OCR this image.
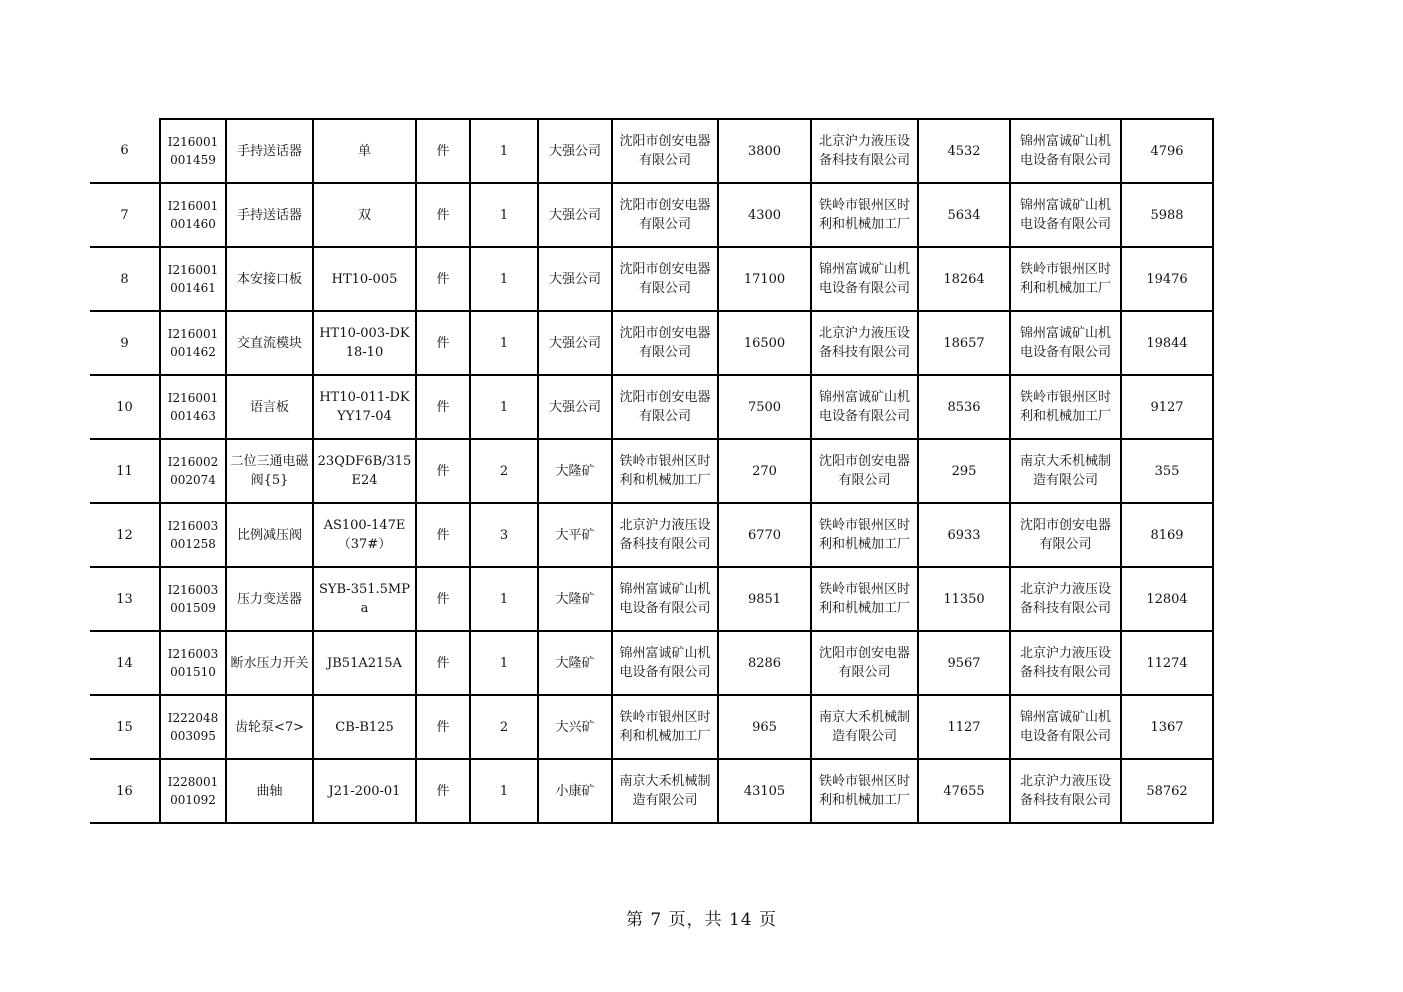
6	I216001001459	手持送话器	单	件	1	大强公司	沈阳市创安电器有限公司	3800	北京沪力液压设备科技有限公司	4532	锦州富诚矿山机电设备有限公司	4796
7	I216001001460	手持送话器	双	件	1	大强公司	沈阳市创安电器有限公司	4300	铁岭市银州区时利和机械加工厂	5634	锦州富诚矿山机电设备有限公司	5988
8	I216001001461	本安接口板	HT10-005	件	1	大强公司	沈阳市创安电器有限公司	17100	锦州富诚矿山机电设备有限公司	18264	铁岭市银州区时利和机械加工厂	19476
9	I216001001462	交直流模块	HT10-003-DK18-10	件	1	大强公司	沈阳市创安电器有限公司	16500	北京沪力液压设备科技有限公司	18657	锦州富诚矿山机电设备有限公司	19844
10	I216001001463	语言板	HT10-011-DKYY17-04	件	1	大强公司	沈阳市创安电器有限公司	7500	锦州富诚矿山机电设备有限公司	8536	铁岭市银州区时利和机械加工厂	9127
11	I216002002074	二位三通电磁阀{5}	23QDF6B/315E24	件	2	大隆矿	铁岭市银州区时利和机械加工厂	270	沈阳市创安电器有限公司	295	南京大禾机械制造有限公司	355
12	I216003001258	比例减压阀	AS100-147E（37#）	件	3	大平矿	北京沪力液压设备科技有限公司	6770	铁岭市银州区时利和机械加工厂	6933	沈阳市创安电器有限公司	8169
13	I216003001509	压力变送器	SYB-351.5MPa	件	1	大隆矿	锦州富诚矿山机电设备有限公司	9851	铁岭市银州区时利和机械加工厂	11350	北京沪力液压设备科技有限公司	12804
14	I216003001510	断水压力开关	JB51A215A	件	1	大隆矿	锦州富诚矿山机电设备有限公司	8286	沈阳市创安电器有限公司	9567	北京沪力液压设备科技有限公司	11274
15	I222048003095	齿轮泵<7>	CB-B125	件	2	大兴矿	铁岭市银州区时利和机械加工厂	965	南京大禾机械制造有限公司	1127	锦州富诚矿山机电设备有限公司	1367
16	I228001001092	曲轴	J21-200-01	件	1	小康矿	南京大禾机械制造有限公司	43105	铁岭市银州区时利和机械加工厂	47655	北京沪力液压设备科技有限公司	58762
第 7 页，共 14 页
